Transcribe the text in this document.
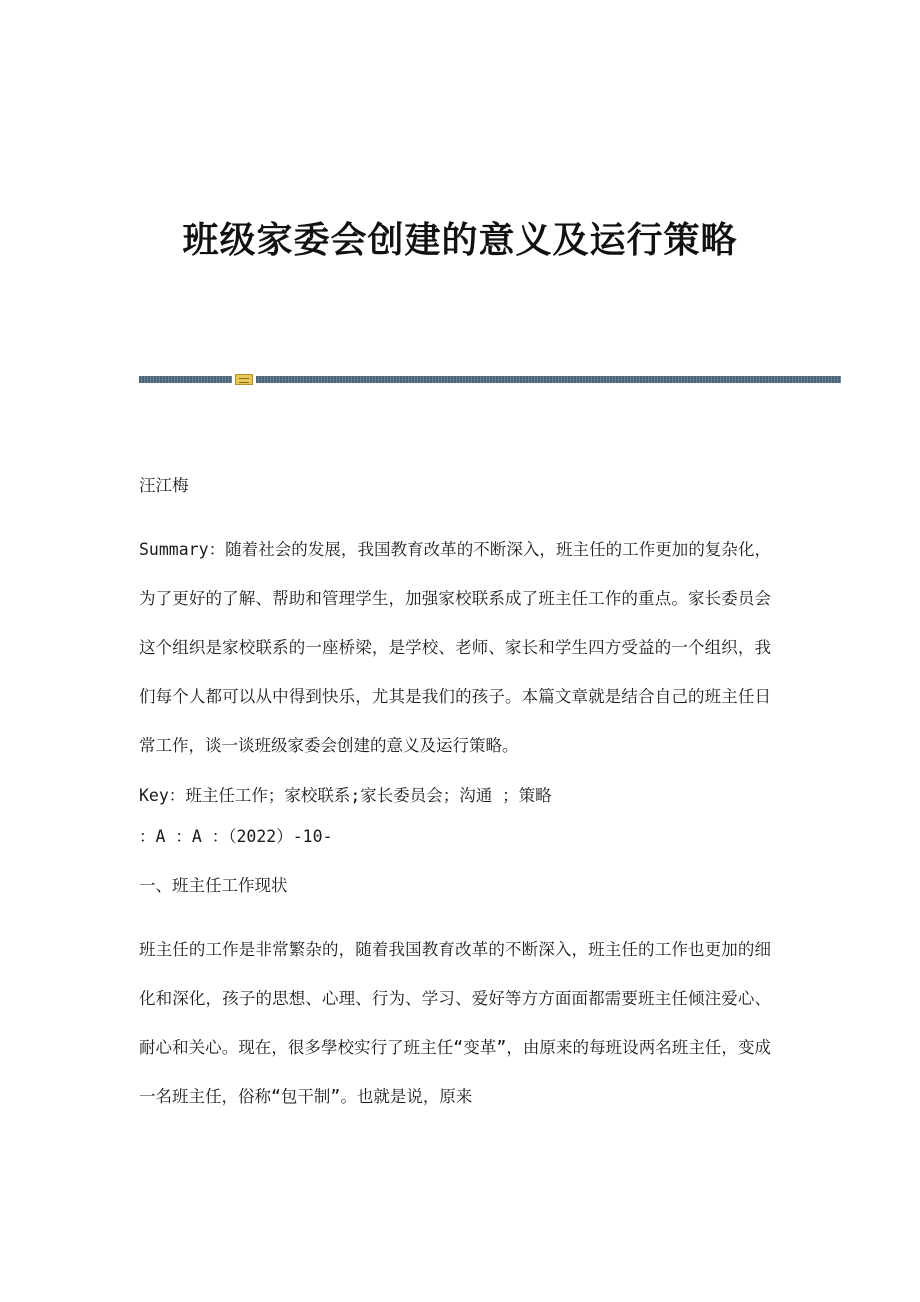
班级家委会创建的意义及运行策略

汪江梅

Summary：随着社会的发展，我国教育改革的不断深入，班主任的工作更加的复杂化，为了更好的了解、帮助和管理学生，加强家校联系成了班主任工作的重点。家长委员会这个组织是家校联系的一座桥梁，是学校、老师、家长和学生四方受益的一个组织，我们每个人都可以从中得到快乐，尤其是我们的孩子。本篇文章就是结合自己的班主任日常工作，谈一谈班级家委会创建的意义及运行策略。

Key：班主任工作；家校联系;家长委员会；沟通 ；策略

：A ：A ：（2022）-10-

一、班主任工作现状

班主任的工作是非常繁杂的，随着我国教育改革的不断深入，班主任的工作也更加的细化和深化，孩子的思想、心理、行为、学习、爱好等方方面面都需要班主任倾注爱心、耐心和关心。现在，很多學校实行了班主任“变革”，由原来的每班设两名班主任，变成一名班主任，俗称“包干制”。也就是说，原来
